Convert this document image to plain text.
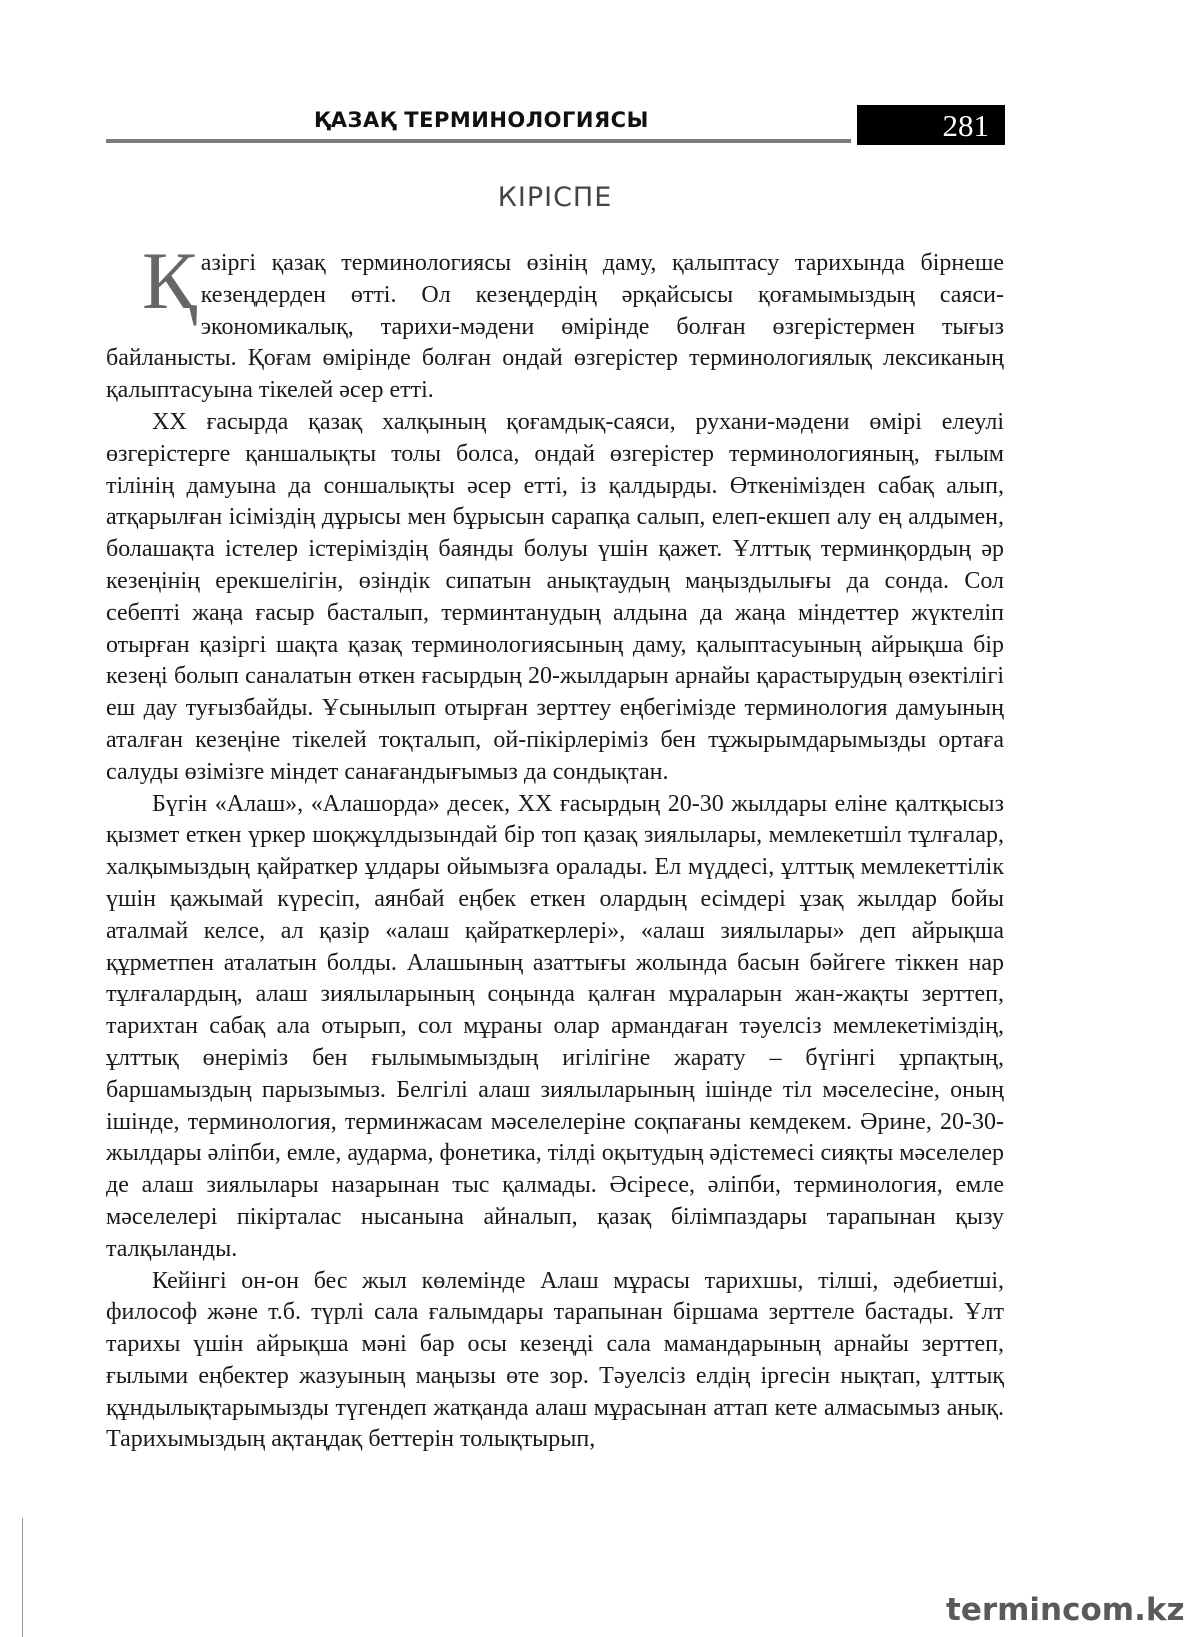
ҚАЗАҚ ТЕРМИНОЛОГИЯСЫ	281
КІРІСПЕ

Қазіргі қазақ терминологиясы өзінің даму, қалыптасу тарихында бірнеше кезеңдерден өтті. Ол кезеңдердің әрқайсысы қоғамымыздың саяси-экономикалық, тарихи-мәдени өмірінде болған өзгерістермен тығыз байланысты. Қоғам өмірінде болған ондай өзгерістер терминологиялық лексиканың қалыптасуына тікелей әсер етті.

ХХ ғасырда қазақ халқының қоғамдық-саяси, рухани-мәдени өмірі елеулі өзгерістерге қаншалықты толы болса, ондай өзгерістер терминологияның, ғылым тілінің дамуына да соншалықты әсер етті, із қалдырды. Өткенімізден сабақ алып, атқарылған ісіміздің дұрысы мен бұрысын сарапқа салып, елеп-екшеп алу ең алдымен, болашақта істелер істеріміздің баянды болуы үшін қажет. Ұлттық терминқордың әр кезеңінің ерекшелігін, өзіндік сипатын анықтаудың маңыздылығы да сонда. Сол себепті жаңа ғасыр басталып, терминтанудың алдына да жаңа міндеттер жүктеліп отырған қазіргі шақта қазақ терминологиясының даму, қалыптасуының айрықша бір кезеңі болып саналатын өткен ғасырдың 20-жылдарын арнайы қарастырудың өзектілігі еш дау туғызбайды. Ұсынылып отырған зерттеу еңбегімізде терминология дамуының аталған кезеңіне тікелей тоқталып, ой-пікірлеріміз бен тұжырымдарымызды ортаға салуды өзімізге міндет санағандығымыз да сондықтан.

Бүгін «Алаш», «Алашорда» десек, ХХ ғасырдың 20-30 жылдары еліне қалтқысыз қызмет еткен үркер шоқжұлдызындай бір топ қазақ зиялылары, мемлекетшіл тұлғалар, халқымыздың қайраткер ұлдары ойымызға оралады. Ел мүддесі, ұлттық мемлекеттілік үшін қажымай күресіп, аянбай еңбек еткен олардың есімдері ұзақ жылдар бойы аталмай келсе, ал қазір «алаш қайраткерлері», «алаш зиялылары» деп айрықша құрметпен аталатын болды. Алашының азаттығы жолында басын бәйгеге тіккен нар тұлғалардың, алаш зиялыларының соңында қалған мұраларын жан-жақты зерттеп, тарихтан сабақ ала отырып, сол мұраны олар армандаған тәуелсіз мемлекетіміздің, ұлттық өнеріміз бен ғылымымыздың игілігіне жарату – бүгінгі ұрпақтың, баршамыздың парызымыз. Белгілі алаш зиялыларының ішінде тіл мәселесіне, оның ішінде, терминология, терминжасам мәселелеріне соқпағаны кемдекем. Әрине, 20-30-жылдары әліпби, емле, аударма, фонетика, тілді оқытудың әдістемесі сияқты мәселелер де алаш зиялылары назарынан тыс қалмады. Әсіресе, әліпби, терминология, емле мәселелері пікірталас нысанына айналып, қазақ білімпаздары тарапынан қызу талқыланды.

Кейінгі он-он бес жыл көлемінде Алаш мұрасы тарихшы, тілші, әдебиетші, философ және т.б. түрлі сала ғалымдары тарапынан біршама зерттеле бастады. Ұлт тарихы үшін айрықша мәні бар осы кезеңді сала мамандарының арнайы зерттеп, ғылыми еңбектер жазуының маңызы өте зор. Тәуелсіз елдің іргесін нықтап, ұлттық құндылықтарымызды түгендеп жатқанда алаш мұрасынан аттап кете алмасымыз анық. Тарихымыздың ақтаңдақ беттерін толықтырып,

termincom.kz
